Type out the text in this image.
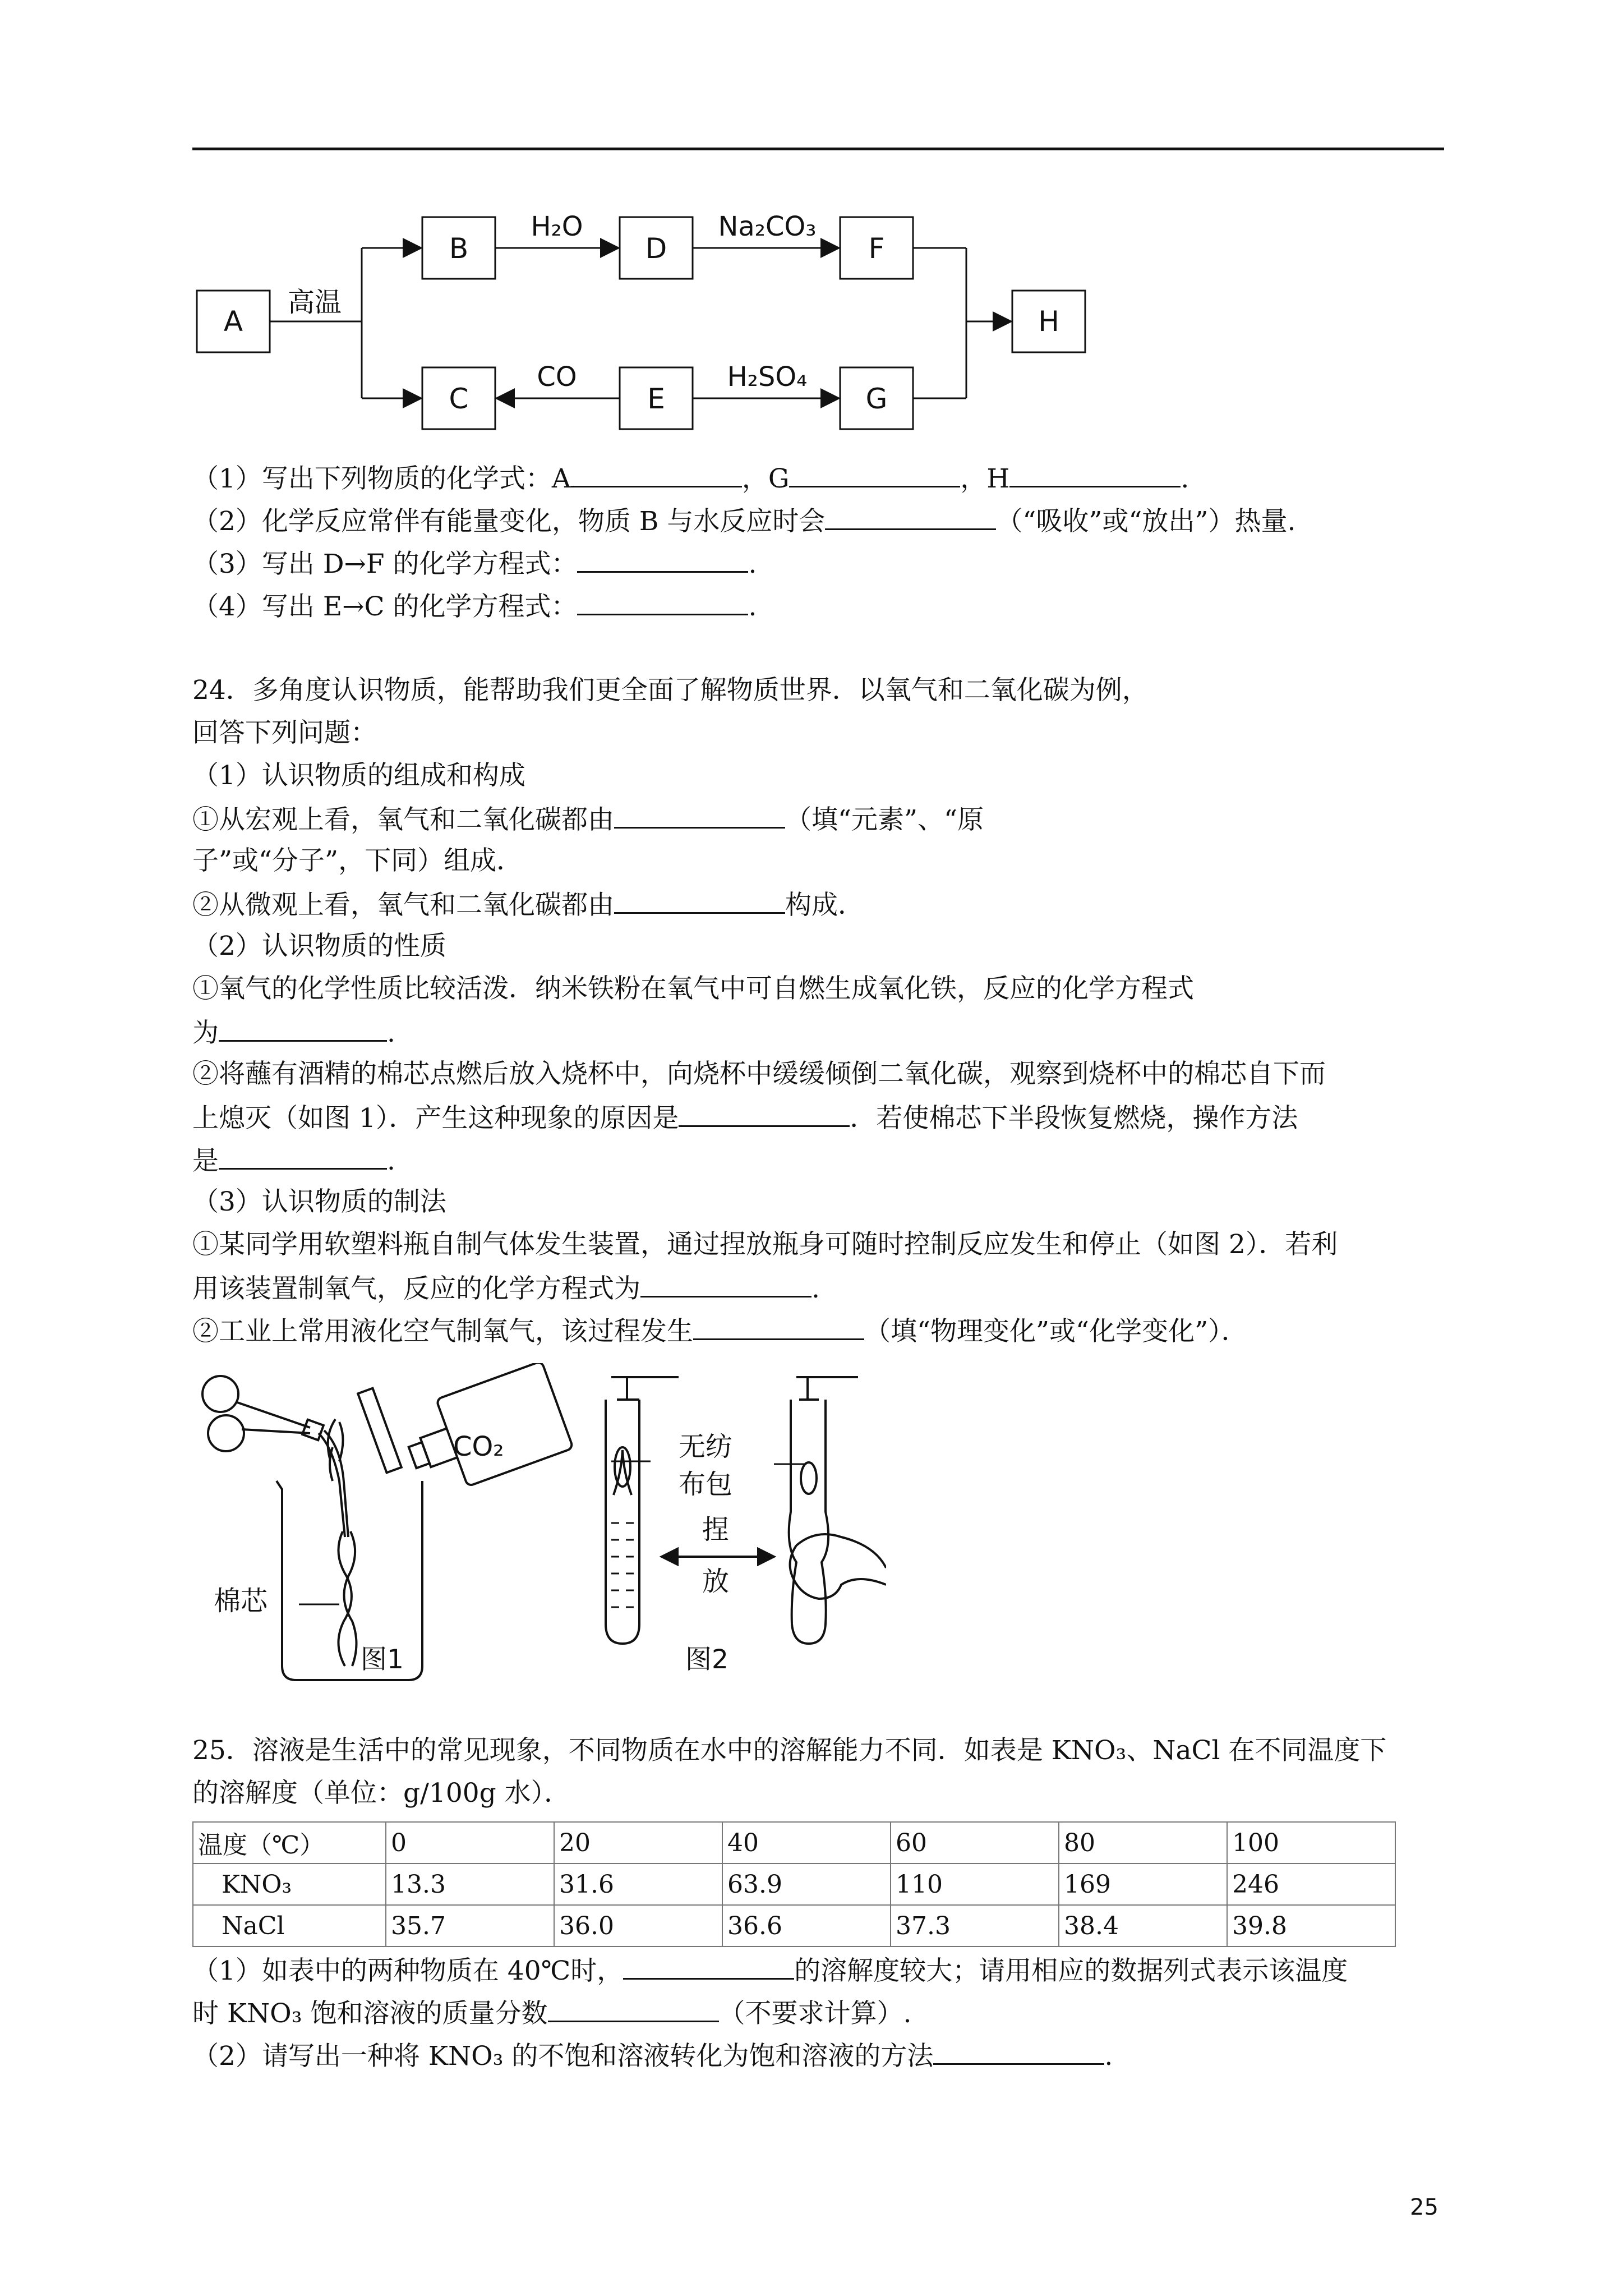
A
B	D	F
C	E	G
H
高温
H₂O	Na₂CO₃
CO	H₂SO₄
（1）写出下列物质的化学式：A	，G	，H	.
（2）化学反应常伴有能量变化，物质 B 与水反应时会	（“吸收”或“放出”）热量.
（3）写出 D→F 的化学方程式：	.
（4）写出 E→C 的化学方程式：	.
24．多角度认识物质，能帮助我们更全面了解物质世界．以氧气和二氧化碳为例，
回答下列问题：
（1）认识物质的组成和构成
①从宏观上看，氧气和二氧化碳都由	（填“元素”、“原
子”或“分子”，下同）组成．
②从微观上看，氧气和二氧化碳都由	构成．
（2）认识物质的性质
①氧气的化学性质比较活泼．纳米铁粉在氧气中可自燃生成氧化铁，反应的化学方程式
为	.
②将蘸有酒精的棉芯点燃后放入烧杯中，向烧杯中缓缓倾倒二氧化碳，观察到烧杯中的棉芯自下而
上熄灭（如图 1）．产生这种现象的原因是	．若使棉芯下半段恢复燃烧，操作方法
是	.
（3）认识物质的制法
①某同学用软塑料瓶自制气体发生装置，通过捏放瓶身可随时控制反应发生和停止（如图 2）．若利
用该装置制氧气，反应的化学方程式为	.
②工业上常用液化空气制氧气，该过程发生	（填“物理变化”或“化学变化”）．
CO₂
棉芯
图1
无纺
布包
捏
放
图2
25．溶液是生活中的常见现象，不同物质在水中的溶解能力不同．如表是 KNO₃、NaCl 在不同温度下
的溶解度（单位：g/100g 水）．
温度（℃）	0	20	40	60	80	100
KNO₃	13.3	31.6	63.9	110	169	246
NaCl	35.7	36.0	36.6	37.3	38.4	39.8
（1）如表中的两种物质在 40℃时，	的溶解度较大；请用相应的数据列式表示该温度
时 KNO₃ 饱和溶液的质量分数	（不要求计算）.
（2）请写出一种将 KNO₃ 的不饱和溶液转化为饱和溶液的方法	.
25
